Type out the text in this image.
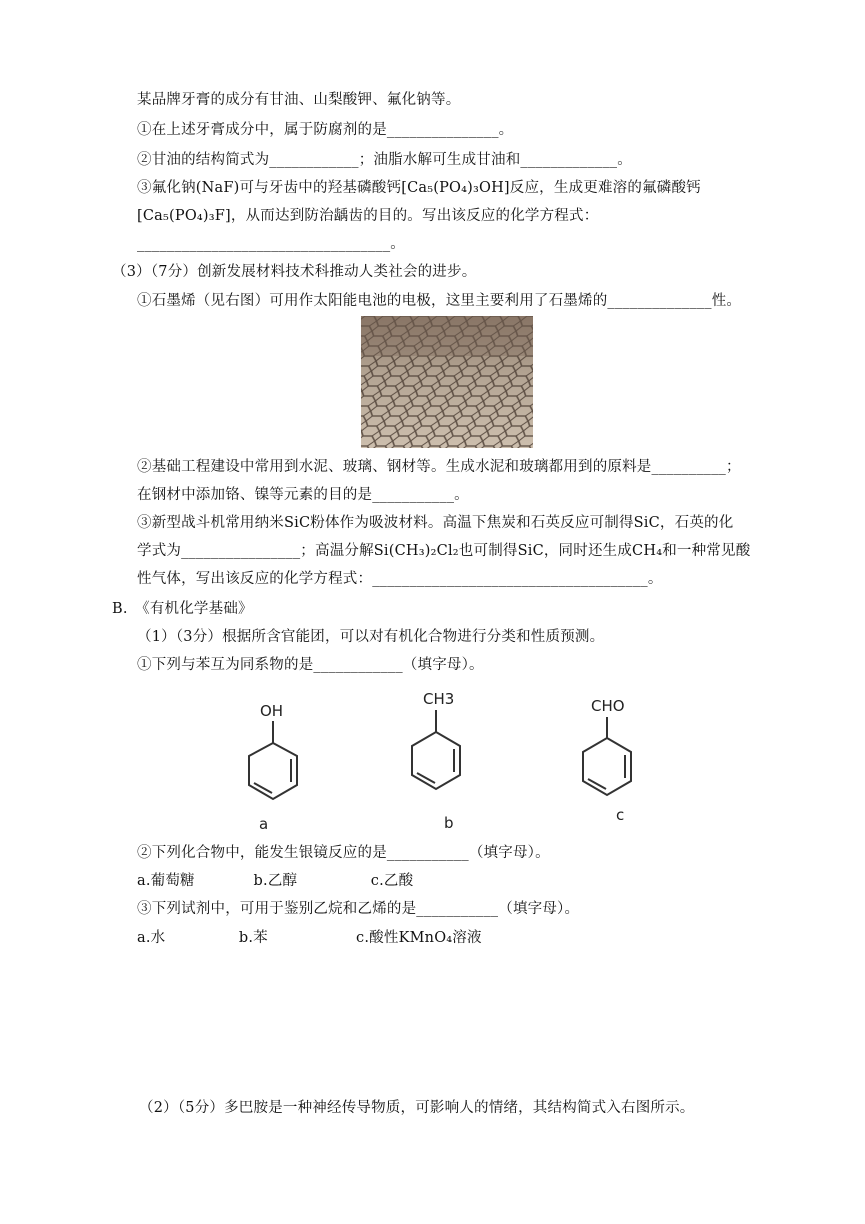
某品牌牙膏的成分有甘油、山梨酸钾、氟化钠等。
①在上述牙膏成分中，属于防腐剂的是_______________。
②甘油的结构简式为____________；油脂水解可生成甘油和_____________。
③氟化钠(NaF)可与牙齿中的羟基磷酸钙[Ca₅(PO₄)₃OH]反应，生成更难溶的氟磷酸钙
[Ca₅(PO₄)₃F]，从而达到防治龋齿的目的。写出该反应的化学方程式：
__________________________________。
（3）（7分）创新发展材料技术科推动人类社会的进步。
①石墨烯（见右图）可用作太阳能电池的电极，这里主要利用了石墨烯的______________性。
②基础工程建设中常用到水泥、玻璃、钢材等。生成水泥和玻璃都用到的原料是__________；
在钢材中添加铬、镍等元素的目的是___________。
③新型战斗机常用纳米SiC粉体作为吸波材料。高温下焦炭和石英反应可制得SiC，石英的化
学式为________________；高温分解Si(CH₃)₂Cl₂也可制得SiC，同时还生成CH₄和一种常见酸
性气体，写出该反应的化学方程式：_____________________________________。
B.　《有机化学基础》
（1）（3分）根据所含官能团，可以对有机化合物进行分类和性质预测。
①下列与苯互为同系物的是____________（填字母）。
OH
a
CH3
b
CHO
c
②下列化合物中，能发生银镜反应的是___________（填字母）。
a.葡萄糖　　　　b.乙醇　　　　　c.乙酸
③下列试剂中，可用于鉴别乙烷和乙烯的是___________（填字母）。
a.水　　　　　b.苯　　　　　　c.酸性KMnO₄溶液
（2）（5分）多巴胺是一种神经传导物质，可影响人的情绪，其结构简式入右图所示。
